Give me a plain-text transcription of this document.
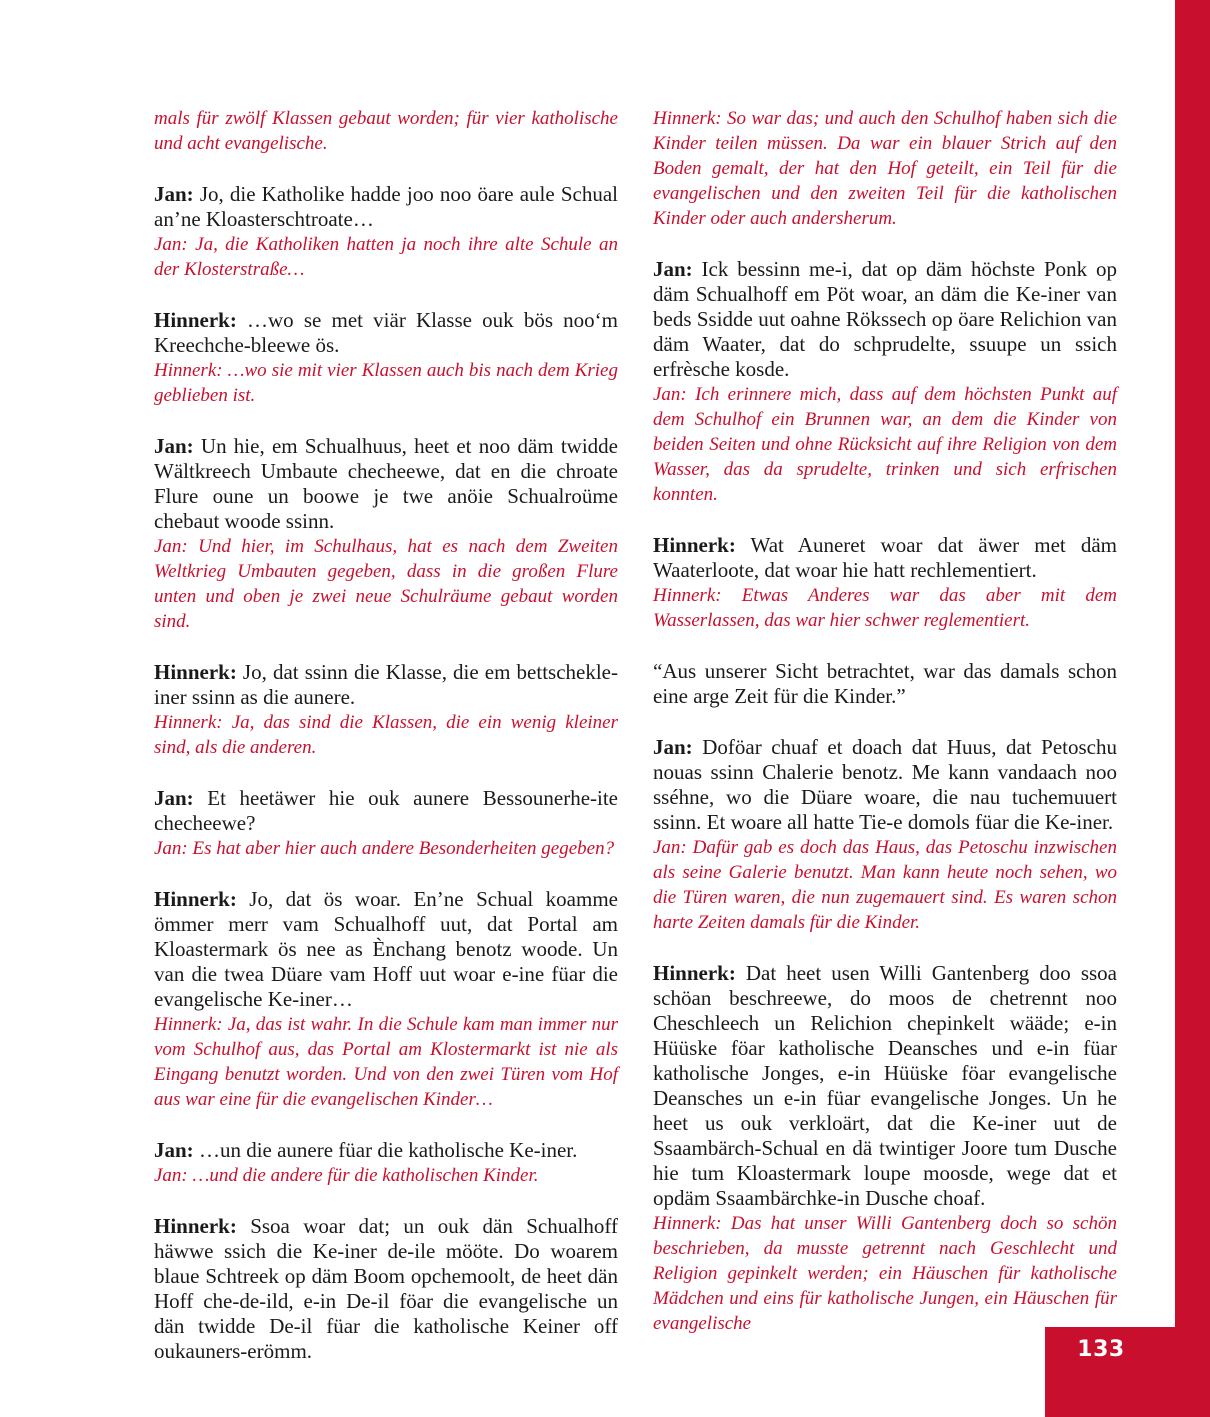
133

mals für zwölf Klassen gebaut worden; für vier katholische und acht evangelische.

Jan: Jo, die Katholike hadde joo noo öare aule Schual an’ne Kloasterschtroate…

Jan: Ja, die Katholiken hatten ja noch ihre alte Schule an der Klosterstraße…

Hinnerk: …wo se met viär Klasse ouk bös noo‘m Kreechche-bleewe ös.

Hinnerk: …wo sie mit vier Klassen auch bis nach dem Krieg geblieben ist.

Jan: Un hie, em Schualhuus, heet et noo däm twidde Wältkreech Umbaute checheewe, dat en die chroate Flure oune un boowe je twe anöie Schualroüme chebaut woode ssinn.

Jan: Und hier, im Schulhaus, hat es nach dem Zweiten Weltkrieg Umbauten gegeben, dass in die großen Flure unten und oben je zwei neue Schulräume gebaut worden sind.

Hinnerk: Jo, dat ssinn die Klasse, die em bettschekle-iner ssinn as die aunere.

Hinnerk: Ja, das sind die Klassen, die ein wenig kleiner sind, als die anderen.

Jan: Et heetäwer hie ouk aunere Bessounerhe-ite checheewe?

Jan: Es hat aber hier auch andere Besonderheiten gegeben?

Hinnerk: Jo, dat ös woar. En’ne Schual koamme ömmer merr vam Schualhoff uut, dat Portal am Kloastermark ös nee as Ènchang benotz woode. Un van die twea Düare vam Hoff uut woar e-ine füar die evangelische Ke-iner…

Hinnerk: Ja, das ist wahr. In die Schule kam man immer nur vom Schulhof aus, das Portal am Klostermarkt ist nie als Eingang benutzt worden. Und von den zwei Türen vom Hof aus war eine für die evangelischen Kinder…

Jan: …un die aunere füar die katholische Ke-iner.

Jan: …und die andere für die katholischen Kinder.

Hinnerk: Ssoa woar dat; un ouk dän Schualhoff häwwe ssich die Ke-iner de-ile mööte. Do woarem blaue Schtreek op däm Boom opchemoolt, de heet dän Hoff che-de-ild, e-in De-il föar die evangelische un dän twidde De-il füar die katholische Keiner off oukauners-erömm.

Hinnerk: So war das; und auch den Schulhof haben sich die Kinder teilen müssen. Da war ein blauer Strich auf den Boden gemalt, der hat den Hof geteilt, ein Teil für die evangelischen und den zweiten Teil für die katholischen Kinder oder auch andersherum.

Jan: Ick bessinn me-i, dat op däm höchste Ponk op däm Schualhoff em Pöt woar, an däm die Ke-iner van beds Ssidde uut oahne Rökssech op öare Relichion van däm Waater, dat do schprudelte, ssuupe un ssich erfrèsche kosde.

Jan: Ich erinnere mich, dass auf dem höchsten Punkt auf dem Schulhof ein Brunnen war, an dem die Kinder von beiden Seiten und ohne Rücksicht auf ihre Religion von dem Wasser, das da sprudelte, trinken und sich erfrischen konnten.

Hinnerk: Wat Auneret woar dat äwer met däm Waaterloote, dat woar hie hatt rechlementiert.

Hinnerk: Etwas Anderes war das aber mit dem Wasserlassen, das war hier schwer reglementiert.

“Aus unserer Sicht betrachtet, war das damals schon eine arge Zeit für die Kinder.”

Jan: Doföar chuaf et doach dat Huus, dat Petoschu nouas ssinn Chalerie benotz. Me kann vandaach noo sséhne, wo die Düare woare, die nau tuchemuuert ssinn. Et woare all hatte Tie-e domols füar die Ke-iner.

Jan: Dafür gab es doch das Haus, das Petoschu inzwischen als seine Galerie benutzt. Man kann heute noch sehen, wo die Türen waren, die nun zugemauert sind. Es waren schon harte Zeiten damals für die Kinder.

Hinnerk: Dat heet usen Willi Gantenberg doo ssoa schöan beschreewe, do moos de chetrennt noo Cheschleech un Relichion chepinkelt wääde; e-in Hüüske föar katholische Deansches und e-in füar katholische Jonges, e-in Hüüske föar evangelische Deansches un e-in füar evangelische Jonges. Un he heet us ouk verkloärt, dat die Ke-iner uut de Ssaambärch-Schual en dä twintiger Joore tum Dusche hie tum Kloastermark loupe moosde, wege dat et opdäm Ssaambärchke-in Dusche choaf.

Hinnerk: Das hat unser Willi Gantenberg doch so schön beschrieben, da musste getrennt nach Geschlecht und Religion gepinkelt werden; ein Häuschen für katholische Mädchen und eins für katholische Jungen, ein Häuschen für evangelische
